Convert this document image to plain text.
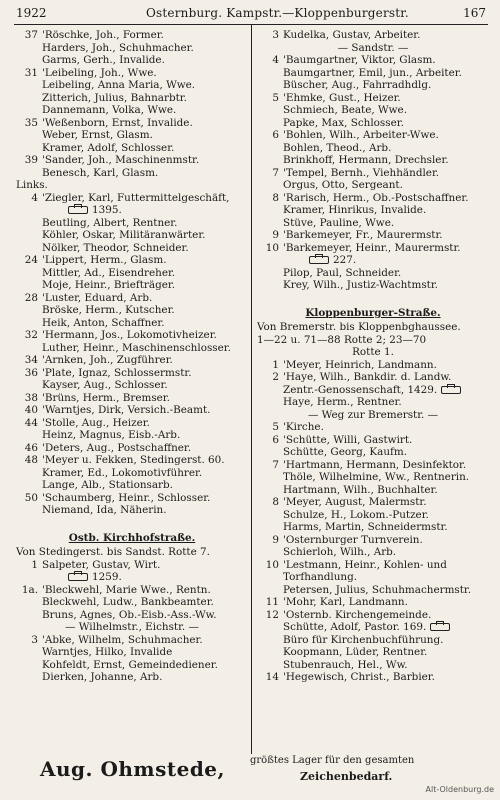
1922	Osternburg. Kampstr.—Kloppenburgerstr.	167
37 'Röschke, Joh., Former.
Harders, Joh., Schuhmacher.
Garms, Gerh., Invalide.
31 'Leibeling, Joh., Wwe.
Leibeling, Anna Maria, Wwe.
Zitterich, Julius, Bahnarbtr.
Dannemann, Volka, Wwe.
35 'Weßenborn, Ernst, Invalide.
Weber, Ernst, Glasm.
Kramer, Adolf, Schlosser.
39 'Sander, Joh., Maschinenmstr.
Benesch, Karl, Glasm.
Links.
4 'Ziegler, Karl, Futtermittelgeschäft,
1395.
Beutling, Albert, Rentner.
Köhler, Oskar, Militäranwärter.
Nölker, Theodor, Schneider.
24 'Lippert, Herm., Glasm.
Mittler, Ad., Eisendreher.
Moje, Heinr., Briefträger.
28 'Luster, Eduard, Arb.
Bröske, Herm., Kutscher.
Heik, Anton, Schaffner.
32 'Hermann, Jos., Lokomotivheizer.
Luther, Heinr., Maschinenschlosser.
34 'Arnken, Joh., Zugführer.
36 'Plate, Ignaz, Schlossermstr.
Kayser, Aug., Schlosser.
38 'Brüns, Herm., Bremser.
40 'Warntjes, Dirk, Versich.-Beamt.
44 'Stolle, Aug., Heizer.
Heinz, Magnus, Eisb.-Arb.
46 'Deters, Aug., Postschaffner.
48 'Meyer u. Fekken, Stedingerst. 60.
Kramer, Ed., Lokomotivführer.
Lange, Alb., Stationsarb.
50 'Schaumberg, Heinr., Schlosser.
Niemand, Ida, Näherin.
Ostb. Kirchhofstraße.
Von Stedingerst. bis Sandst. Rotte 7.
1 Salpeter, Gustav, Wirt.
1259.
1a. 'Bleckwehl, Marie Wwe., Rentn.
Bleckwehl, Ludw., Bankbeamter.
Bruns, Agnes, Ob.-Eisb.-Ass.-Ww.
— Wilhelmstr., Eichstr. —
3 'Abke, Wilhelm, Schuhmacher.
Warntjes, Hilko, Invalide
Kohfeldt, Ernst, Gemeindediener.
Dierken, Johanne, Arb.
3 Kudelka, Gustav, Arbeiter.
— Sandstr. —
4 'Baumgartner, Viktor, Glasm.
Baumgartner, Emil, jun., Arbeiter.
Büscher, Aug., Fahrradhdlg.
5 'Ehmke, Gust., Heizer.
Schmiech, Beate, Wwe.
Papke, Max, Schlosser.
6 'Bohlen, Wilh., Arbeiter-Wwe.
Bohlen, Theod., Arb.
Brinkhoff, Hermann, Drechsler.
7 'Tempel, Bernh., Viehhändler.
Orgus, Otto, Sergeant.
8 'Rarisch, Herm., Ob.-Postschaffner.
Kramer, Hinrikus, Invalide.
Stüve, Pauline, Wwe.
9 'Barkemeyer, Fr., Maurermstr.
10 'Barkemeyer, Heinr., Maurermstr.
227.
Pilop, Paul, Schneider.
Krey, Wilh., Justiz-Wachtmstr.
Kloppenburger-Straße.
Von Bremerstr. bis Kloppenbghaussee.
1—22 u. 71—88 Rotte 2; 23—70
Rotte 1.
1 'Meyer, Heinrich, Landmann.
2 'Haye, Wilh., Bankdir. d. Landw.
Zentr.-Genossenschaft, 1429.
Haye, Herm., Rentner.
— Weg zur Bremerstr. —
5 'Kirche.
6 'Schütte, Willi, Gastwirt.
Schütte, Georg, Kaufm.
7 'Hartmann, Hermann, Desinfektor.
Thöle, Wilhelmine, Ww., Rentnerin.
Hartmann, Wilh., Buchhalter.
8 'Meyer, August, Malermstr.
Schulze, H., Lokom.-Putzer.
Harms, Martin, Schneidermstr.
9 'Osternburger Turnverein.
Schierloh, Wilh., Arb.
10 'Lestmann, Heinr., Kohlen- und
Torfhandlung.
Petersen, Julius, Schuhmachermstr.
11 'Mohr, Karl, Landmann.
12 'Osternb. Kirchengemeinde.
Schütte, Adolf, Pastor. 169.
Büro für Kirchenbuchführung.
Koopmann, Lüder, Rentner.
Stubenrauch, Hel., Ww.
14 'Hegewisch, Christ., Barbier.
Aug. Ohmstede,	größtes Lager für den gesamten
Zeichenbedarf.
Alt-Oldenburg.de
